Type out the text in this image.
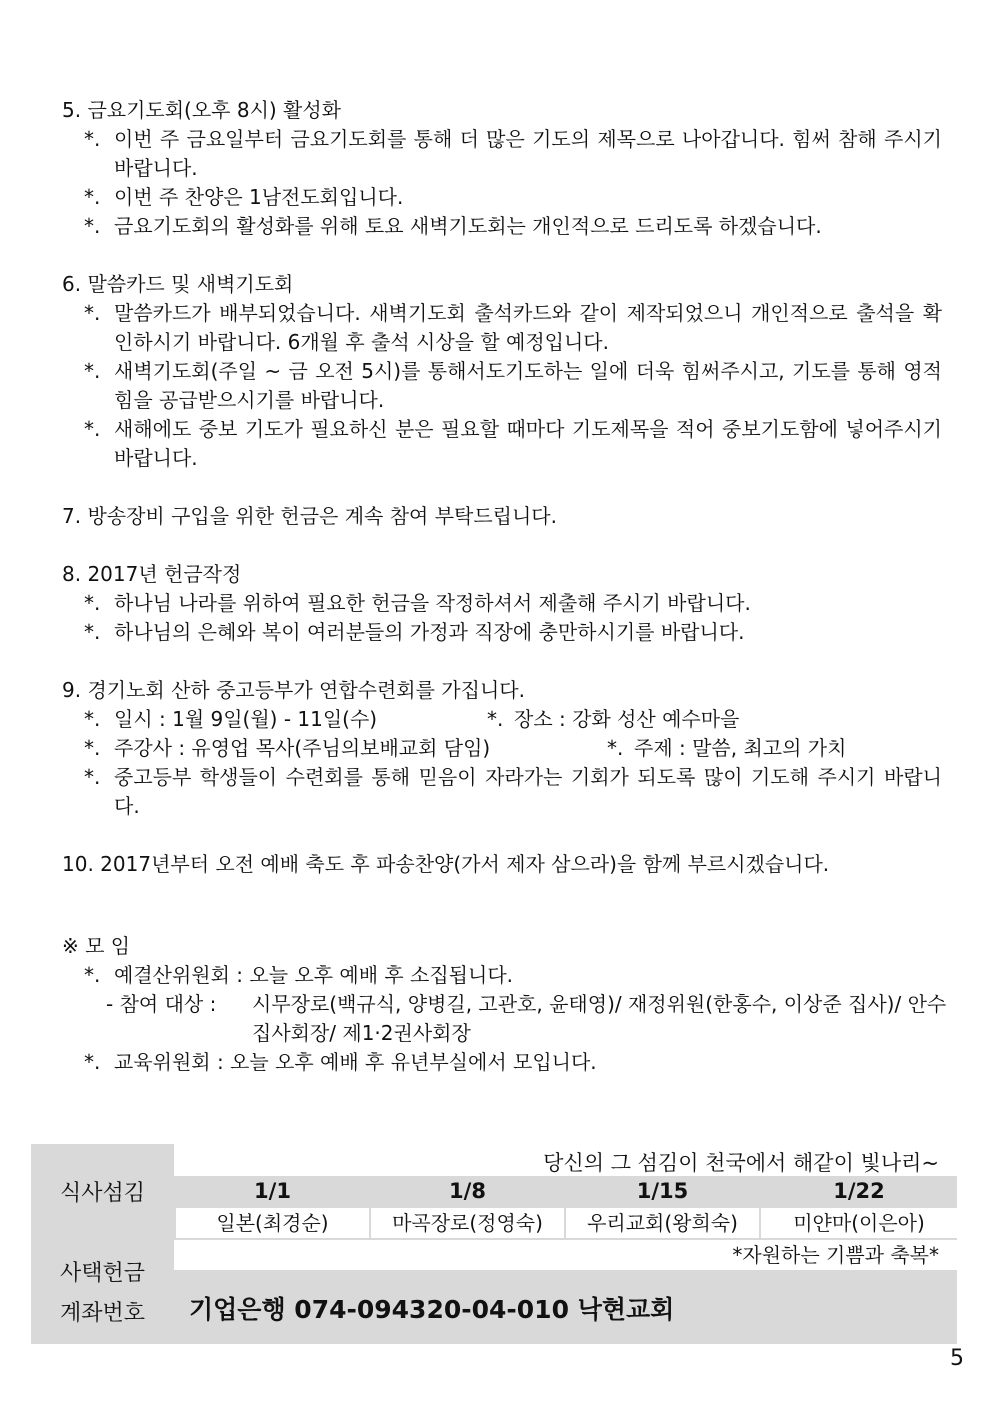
5. 금요기도회(오후 8시) 활성화
*. 이번 주 금요일부터 금요기도회를 통해 더 많은 기도의 제목으로 나아갑니다. 힘써 참해 주시기 바랍니다.
*. 이번 주 찬양은 1남전도회입니다.
*. 금요기도회의 활성화를 위해 토요 새벽기도회는 개인적으로 드리도록 하겠습니다.
6. 말씀카드 및 새벽기도회
*. 말씀카드가 배부되었습니다. 새벽기도회 출석카드와 같이 제작되었으니 개인적으로 출석을 확인하시기 바랍니다. 6개월 후 출석 시상을 할 예정입니다.
*. 새벽기도회(주일 ~ 금 오전 5시)를 통해서도기도하는 일에 더욱 힘써주시고, 기도를 통해 영적 힘을 공급받으시기를 바랍니다.
*. 새해에도 중보 기도가 필요하신 분은 필요할 때마다 기도제목을 적어 중보기도함에 넣어주시기 바랍니다.
7. 방송장비 구입을 위한 헌금은 계속 참여 부탁드립니다.
8. 2017년 헌금작정
*. 하나님 나라를 위하여 필요한 헌금을 작정하셔서 제출해 주시기 바랍니다.
*. 하나님의 은혜와 복이 여러분들의 가정과 직장에 충만하시기를 바랍니다.
9. 경기노회 산하 중고등부가 연합수련회를 가집니다.
*. 일시 : 1월 9일(월) - 11일(수)	*. 장소 : 강화 성산 예수마을
*. 주강사 : 유영업 목사(주님의보배교회 담임)	*. 주제 : 말씀, 최고의 가치
*. 중고등부 학생들이 수련회를 통해 믿음이 자라가는 기회가 되도록 많이 기도해 주시기 바랍니다.
10. 2017년부터 오전 예배 축도 후 파송찬양(가서 제자 삼으라)을 함께 부르시겠습니다.
※ 모 임
*. 예결산위원회 : 오늘 오후 예배 후 소집됩니다.
- 참여 대상 : 시무장로(백규식, 양병길, 고관호, 윤태영)/ 재정위원(한홍수, 이상준 집사)/ 안수집사회장/ 제1·2권사회장
*. 교육위원회 : 오늘 오후 예배 후 유년부실에서 모입니다.
식사섬김
당신의 그 섬김이 천국에서 해같이 빛나리~
1/1	1/8	1/15	1/22
일본(최경순)	마곡장로(정영숙)	우리교회(왕희숙)	미얀마(이은아)
사택헌금
*자원하는 기쁨과 축복*
계좌번호	기업은행 074-094320-04-010 낙현교회
5
